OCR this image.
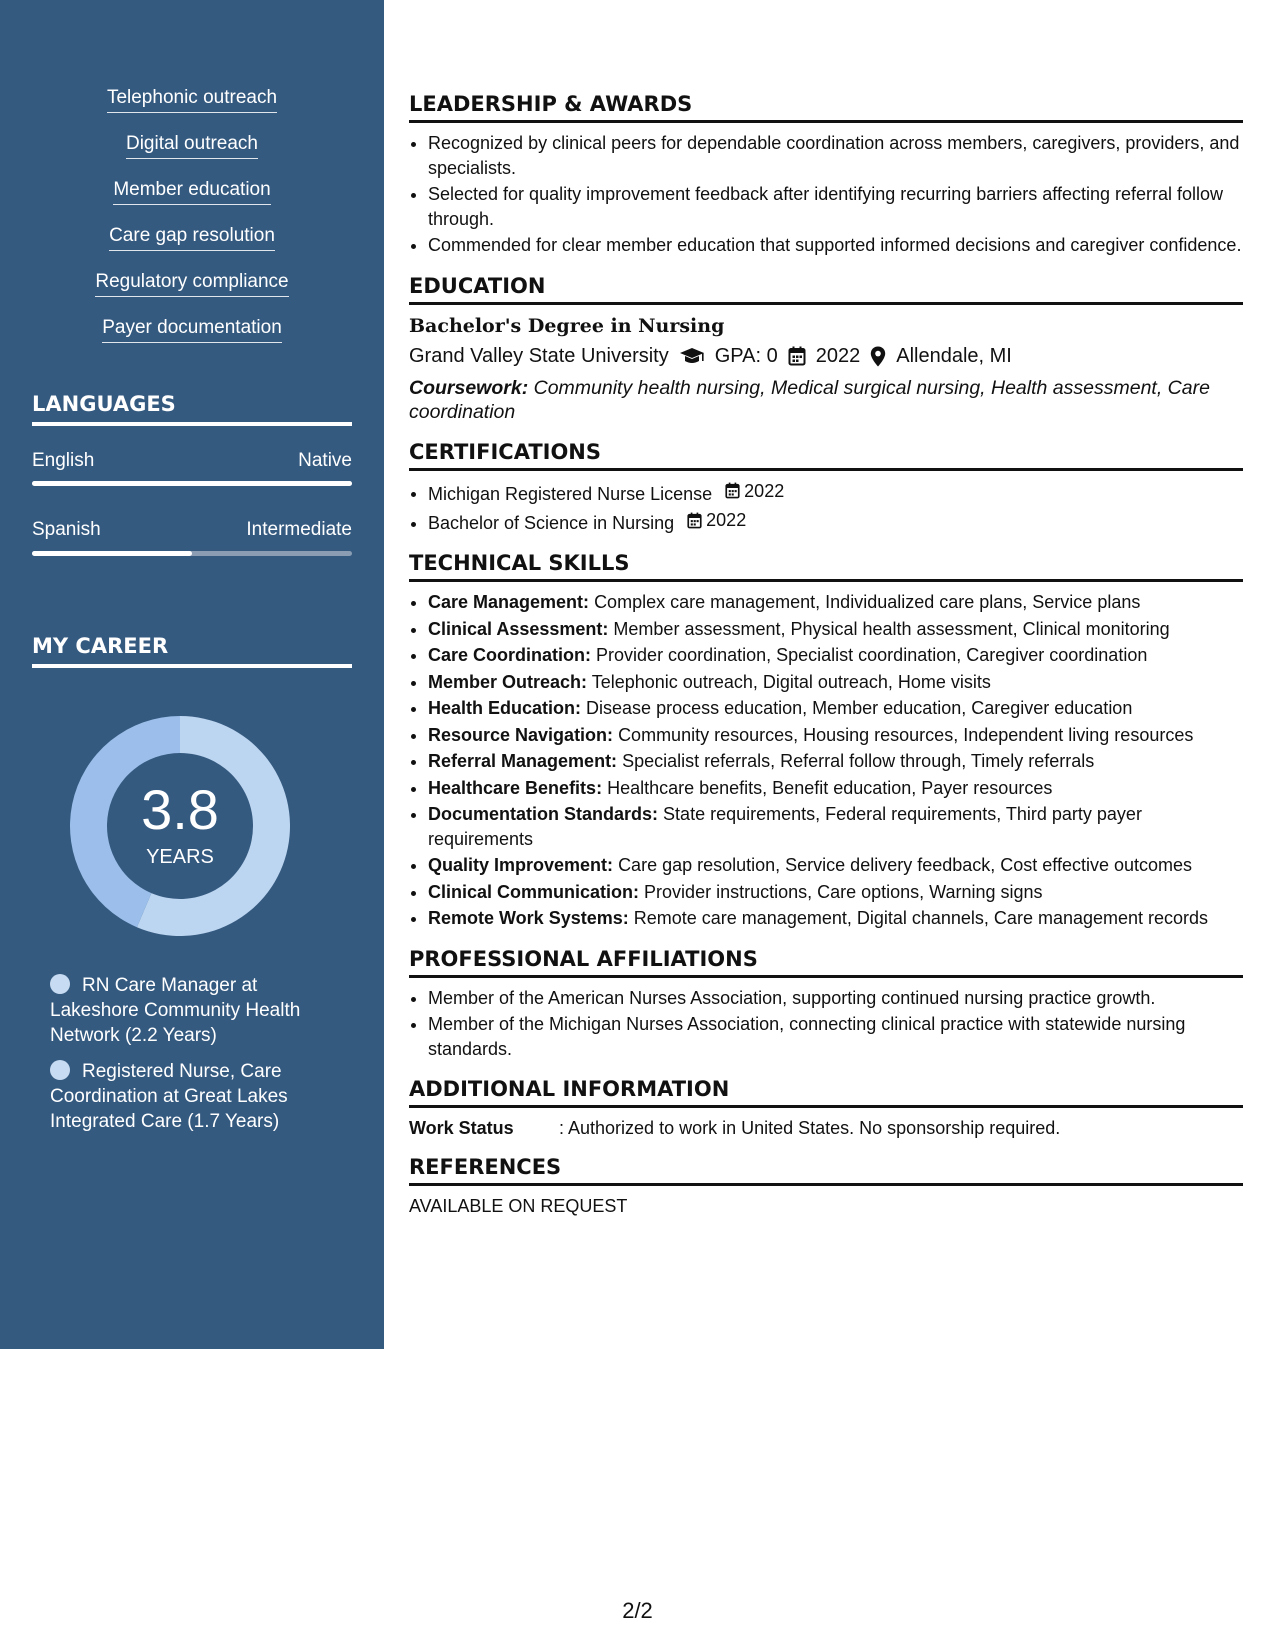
Telephonic outreach
Digital outreach
Member education
Care gap resolution
Regulatory compliance
Payer documentation
LANGUAGES
English	Native
Spanish	Intermediate
MY CAREER
3.8
YEARS
RN Care Manager at Lakeshore Community Health Network (2.2 Years)
Registered Nurse, Care Coordination at Great Lakes Integrated Care (1.7 Years)
LEADERSHIP & AWARDS
• Recognized by clinical peers for dependable coordination across members, caregivers, providers, and specialists.
• Selected for quality improvement feedback after identifying recurring barriers affecting referral follow through.
• Commended for clear member education that supported informed decisions and caregiver confidence.
EDUCATION
Bachelor's Degree in Nursing
Grand Valley State University GPA: 0 2022 Allendale, MI
Coursework: Community health nursing, Medical surgical nursing, Health assessment, Care coordination
CERTIFICATIONS
• Michigan Registered Nurse License 2022
• Bachelor of Science in Nursing 2022
TECHNICAL SKILLS
• Care Management: Complex care management, Individualized care plans, Service plans
• Clinical Assessment: Member assessment, Physical health assessment, Clinical monitoring
• Care Coordination: Provider coordination, Specialist coordination, Caregiver coordination
• Member Outreach: Telephonic outreach, Digital outreach, Home visits
• Health Education: Disease process education, Member education, Caregiver education
• Resource Navigation: Community resources, Housing resources, Independent living resources
• Referral Management: Specialist referrals, Referral follow through, Timely referrals
• Healthcare Benefits: Healthcare benefits, Benefit education, Payer resources
• Documentation Standards: State requirements, Federal requirements, Third party payer requirements
• Quality Improvement: Care gap resolution, Service delivery feedback, Cost effective outcomes
• Clinical Communication: Provider instructions, Care options, Warning signs
• Remote Work Systems: Remote care management, Digital channels, Care management records
PROFESSIONAL AFFILIATIONS
• Member of the American Nurses Association, supporting continued nursing practice growth.
• Member of the Michigan Nurses Association, connecting clinical practice with statewide nursing standards.
ADDITIONAL INFORMATION
Work Status	: Authorized to work in United States. No sponsorship required.
REFERENCES
AVAILABLE ON REQUEST
2/2
